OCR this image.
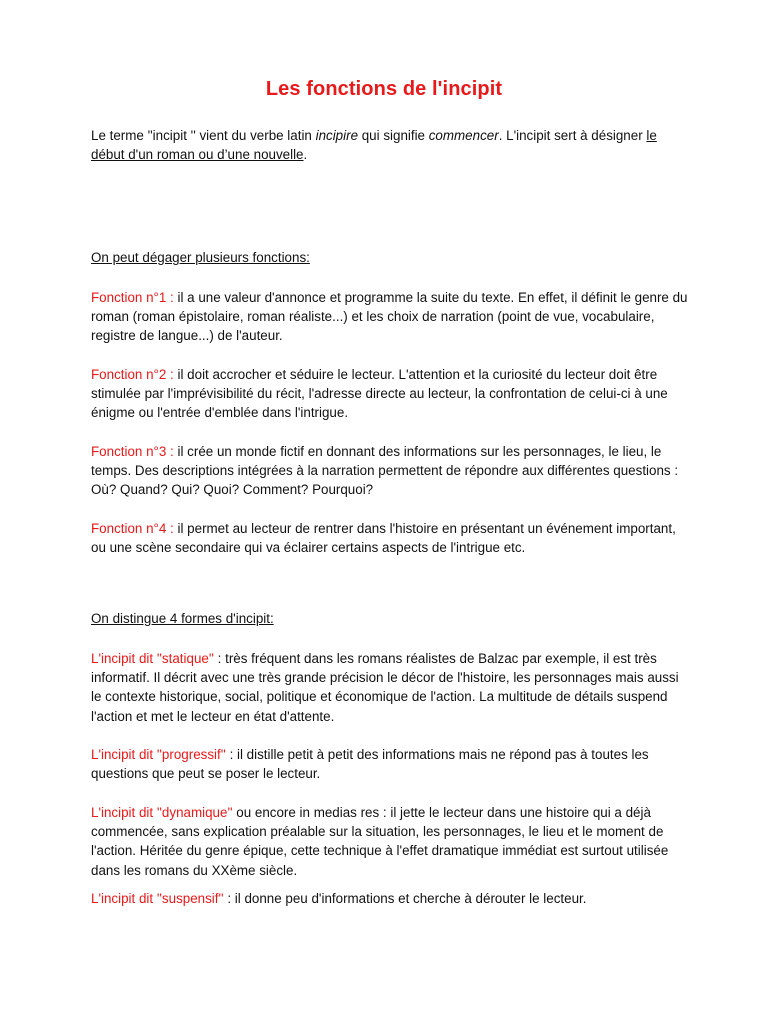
Les fonctions de l'incipit
Le terme ''incipit '' vient du verbe latin incipire qui signifie commencer. L'incipit sert à désigner le début d'un roman ou d’une nouvelle.
On peut dégager plusieurs fonctions:
Fonction n°1 : il a une valeur d'annonce et programme la suite du texte. En effet, il définit le genre du roman (roman épistolaire, roman réaliste...) et les choix de narration (point de vue, vocabulaire, registre de langue...) de l'auteur.
Fonction n°2 : il doit accrocher et séduire le lecteur. L'attention et la curiosité du lecteur doit être stimulée par l'imprévisibilité du récit, l'adresse directe au lecteur, la confrontation de celui-ci à une énigme ou l'entrée d'emblée dans l'intrigue.
Fonction n°3 : il crée un monde fictif en donnant des informations sur les personnages, le lieu, le temps. Des descriptions intégrées à la narration permettent de répondre aux différentes questions : Où? Quand? Qui? Quoi? Comment? Pourquoi?
Fonction n°4 : il permet au lecteur de rentrer dans l'histoire en présentant un événement important, ou une scène secondaire qui va éclairer certains aspects de l'intrigue etc.
On distingue 4 formes d'incipit:
L'incipit dit ''statique'' : très fréquent dans les romans réalistes de Balzac par exemple, il est très informatif. Il décrit avec une très grande précision le décor de l'histoire, les personnages mais aussi le contexte historique, social, politique et économique de l'action. La multitude de détails suspend l'action et met le lecteur en état d'attente.
L'incipit dit ''progressif'' : il distille petit à petit des informations mais ne répond pas à toutes les questions que peut se poser le lecteur.
L'incipit dit ''dynamique'' ou encore in medias res : il jette le lecteur dans une histoire qui a déjà commencée, sans explication préalable sur la situation, les personnages, le lieu et le moment de l'action. Héritée du genre épique, cette technique à l'effet dramatique immédiat est surtout utilisée dans les romans du XXème siècle.
L'incipit dit ''suspensif'' : il donne peu d'informations et cherche à dérouter le lecteur.
